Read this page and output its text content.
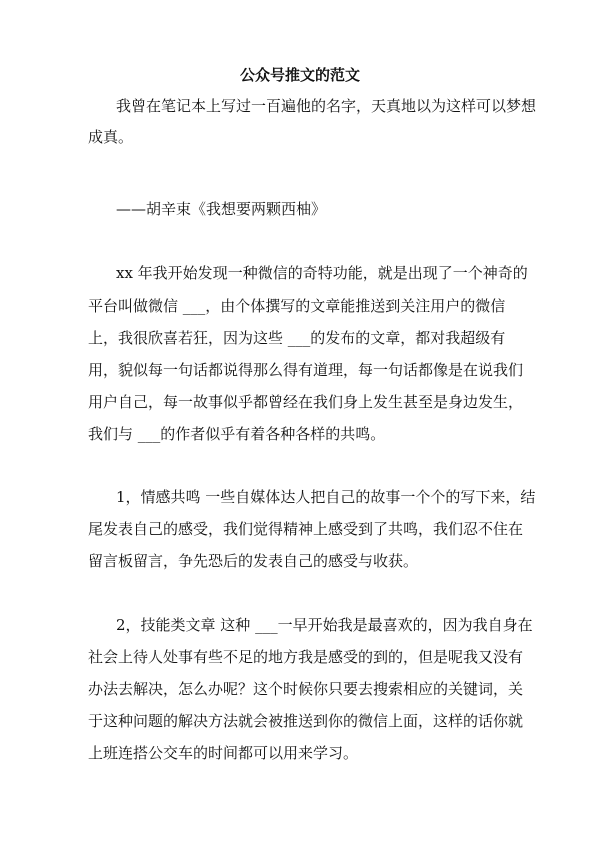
公众号推文的范文
我曾在笔记本上写过一百遍他的名字，天真地以为这样可以梦想
成真。
——胡辛束《我想要两颗西柚》
xx 年我开始发现一种微信的奇特功能，就是出现了一个神奇的
平台叫做微信 ___，由个体撰写的文章能推送到关注用户的微信
上，我很欣喜若狂，因为这些 ___的发布的文章，都对我超级有
用，貌似每一句话都说得那么得有道理，每一句话都像是在说我们
用户自己，每一故事似乎都曾经在我们身上发生甚至是身边发生，
我们与 ___的作者似乎有着各种各样的共鸣。
1，情感共鸣 一些自媒体达人把自己的故事一个个的写下来，结
尾发表自己的感受，我们觉得精神上感受到了共鸣，我们忍不住在
留言板留言，争先恐后的发表自己的感受与收获。
2，技能类文章 这种 ___一早开始我是最喜欢的，因为我自身在
社会上待人处事有些不足的地方我是感受的到的，但是呢我又没有
办法去解决，怎么办呢？这个时候你只要去搜索相应的关键词，关
于这种问题的解决方法就会被推送到你的微信上面，这样的话你就
上班连搭公交车的时间都可以用来学习。
